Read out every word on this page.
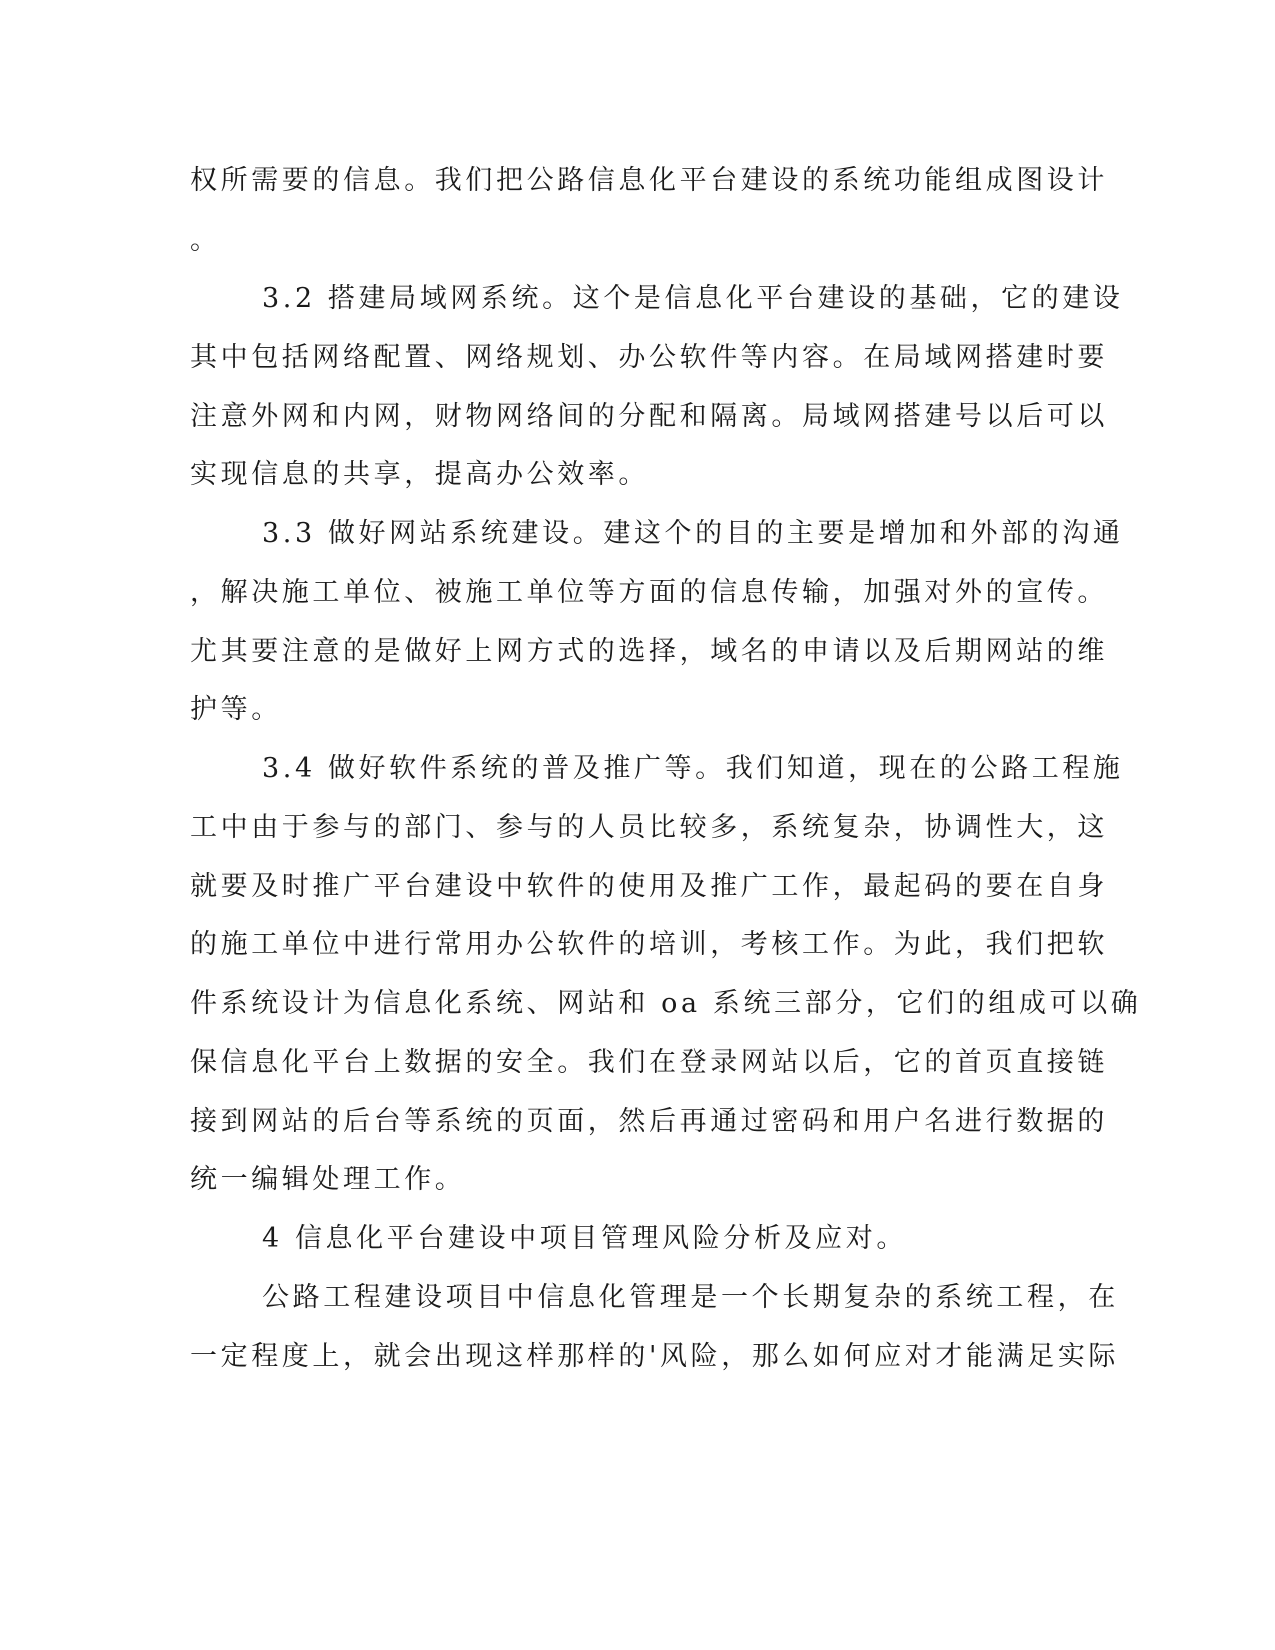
权所需要的信息。我们把公路信息化平台建设的系统功能组成图设计
。
3.2 搭建局域网系统。这个是信息化平台建设的基础，它的建设
其中包括网络配置、网络规划、办公软件等内容。在局域网搭建时要
注意外网和内网，财物网络间的分配和隔离。局域网搭建号以后可以
实现信息的共享，提高办公效率。
3.3 做好网站系统建设。建这个的目的主要是增加和外部的沟通
，解决施工单位、被施工单位等方面的信息传输，加强对外的宣传。
尤其要注意的是做好上网方式的选择，域名的申请以及后期网站的维
护等。
3.4 做好软件系统的普及推广等。我们知道，现在的公路工程施
工中由于参与的部门、参与的人员比较多，系统复杂，协调性大，这
就要及时推广平台建设中软件的使用及推广工作，最起码的要在自身
的施工单位中进行常用办公软件的培训，考核工作。为此，我们把软
件系统设计为信息化系统、网站和 oa 系统三部分，它们的组成可以确
保信息化平台上数据的安全。我们在登录网站以后，它的首页直接链
接到网站的后台等系统的页面，然后再通过密码和用户名进行数据的
统一编辑处理工作。
4 信息化平台建设中项目管理风险分析及应对。
公路工程建设项目中信息化管理是一个长期复杂的系统工程，在
一定程度上，就会出现这样那样的'风险，那么如何应对才能满足实际
